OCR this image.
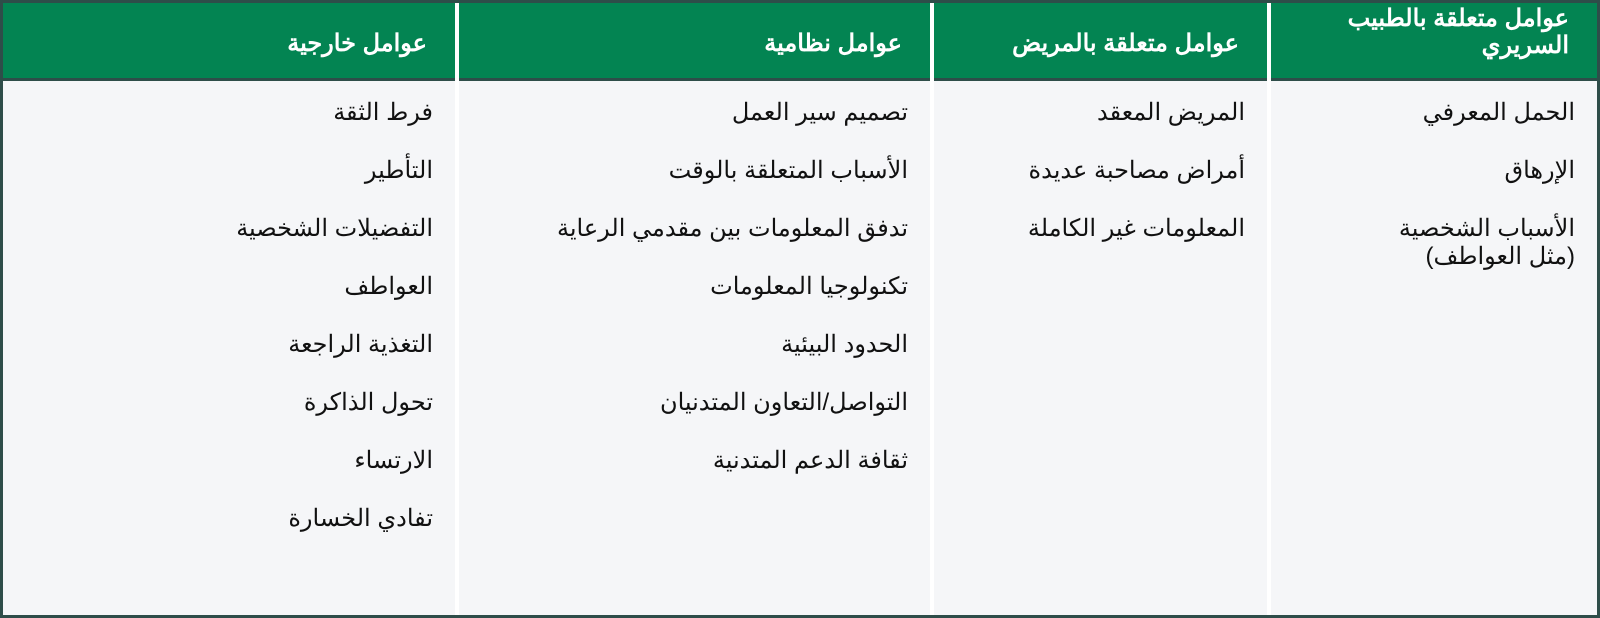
عوامل متعلقة بالطبيب السريري
الحمل المعرفي
الإرهاق
الأسباب الشخصية (مثل العواطف)
عوامل متعلقة بالمريض
المريض المعقد
أمراض مصاحبة عديدة
المعلومات غير الكاملة
عوامل نظامية
تصميم سير العمل
الأسباب المتعلقة بالوقت
تدفق المعلومات بين مقدمي الرعاية
تكنولوجيا المعلومات
الحدود البيئية
التواصل/التعاون المتدنيان
ثقافة الدعم المتدنية
عوامل خارجية
فرط الثقة
التأطير
التفضيلات الشخصية
العواطف
التغذية الراجعة
تحول الذاكرة
الارتساء
تفادي الخسارة
